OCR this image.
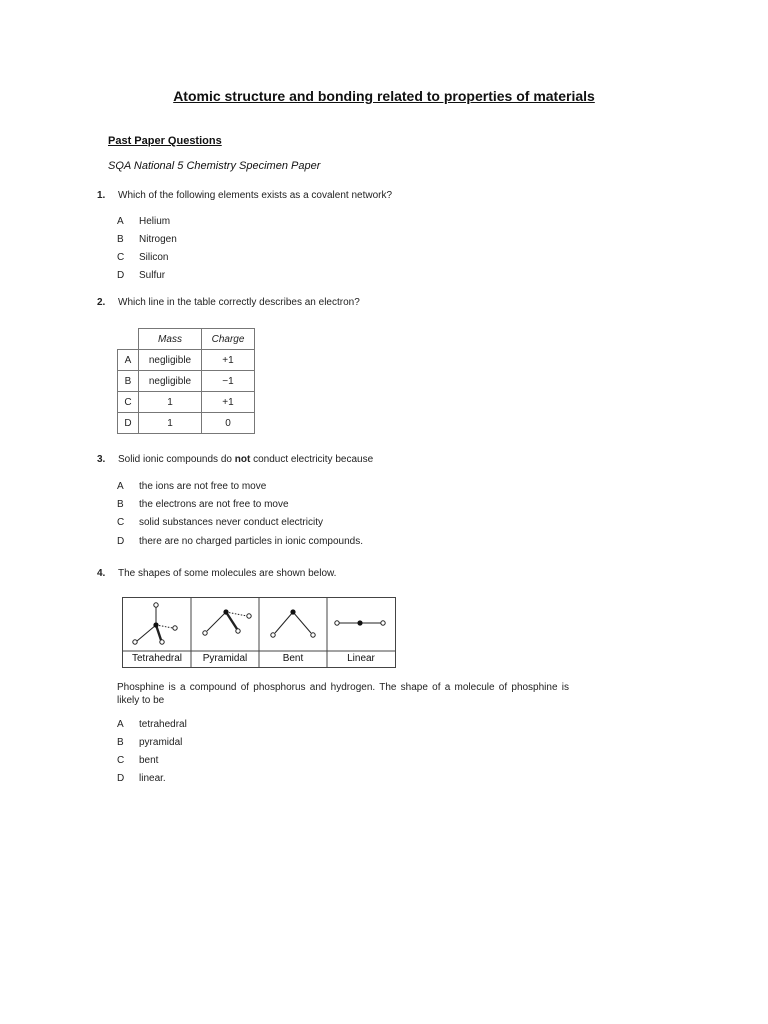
Atomic structure and bonding related to properties of materials
Past Paper Questions
SQA National 5 Chemistry Specimen Paper
1. Which of the following elements exists as a covalent network?
A Helium
B Nitrogen
C Silicon
D Sulfur
2. Which line in the table correctly describes an electron?
	Mass	Charge
A	negligible	+1
B	negligible	−1
C	1	+1
D	1	0
3. Solid ionic compounds do not conduct electricity because
A the ions are not free to move
B the electrons are not free to move
C solid substances never conduct electricity
D there are no charged particles in ionic compounds.
4. The shapes of some molecules are shown below.
Tetrahedral	Pyramidal	Bent	Linear
Phosphine is a compound of phosphorus and hydrogen. The shape of a molecule of phosphine is likely to be
A tetrahedral
B pyramidal
C bent
D linear.
